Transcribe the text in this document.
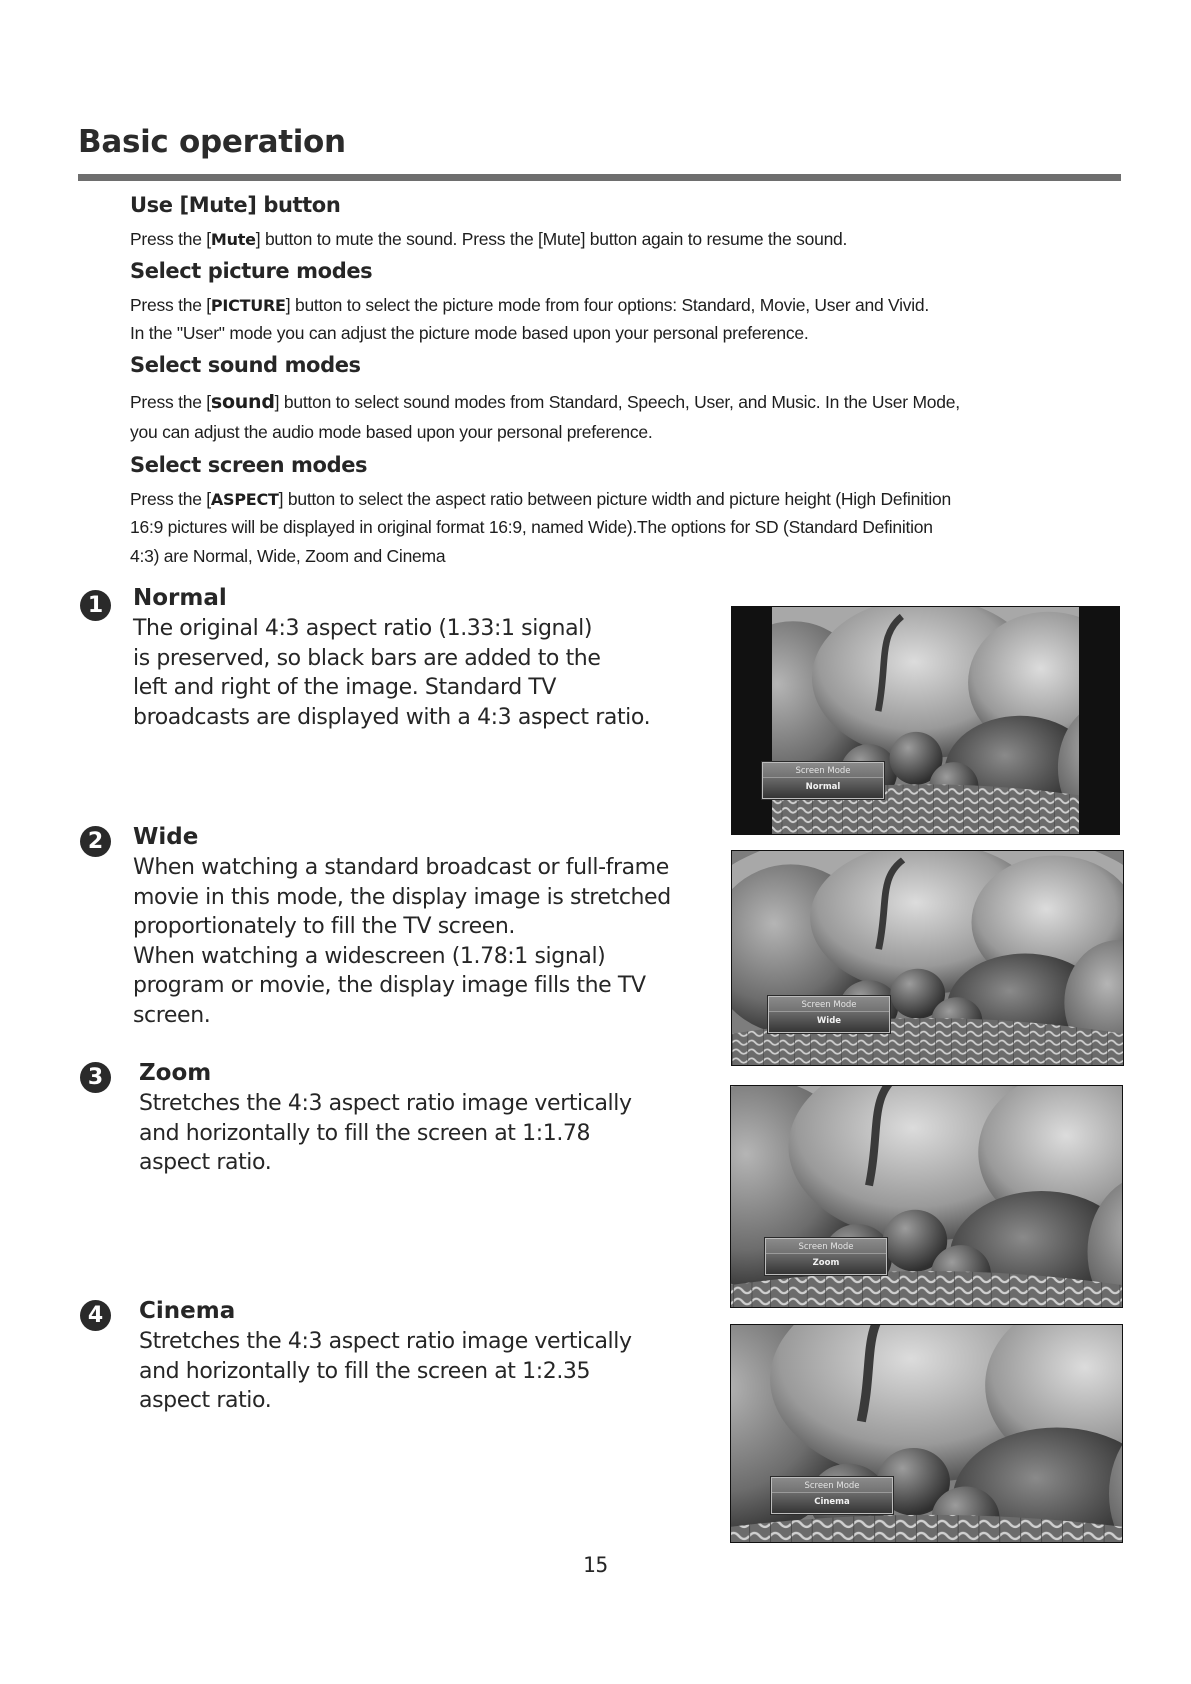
Basic operation
Use [Mute] button

Press the [Mute] button to mute the sound. Press the [Mute] button again to resume the sound.

Select picture modes

Press the [PICTURE] button to select the picture mode from four options: Standard, Movie, User and Vivid.

In the "User" mode you can adjust the picture mode based upon your personal preference.

Select sound modes

Press the [sound] button to select sound modes from Standard, Speech, User, and Music. In the User Mode,

you can adjust the audio mode based upon your personal preference.

Select screen modes

Press the [ASPECT] button to select the aspect ratio between picture width and picture height (High Definition

16:9 pictures will be displayed in original format 16:9, named Wide).The options for SD (Standard Definition

4:3) are Normal, Wide, Zoom and Cinema

1	Normal

The original 4:3 aspect ratio (1.33:1 signal)
is preserved, so black bars are added to the
left and right of the image. Standard TV
broadcasts are displayed with a 4:3 aspect ratio.

Screen Mode
Normal
2	Wide

When watching a standard broadcast or full-frame
movie in this mode, the display image is stretched
proportionately to fill the TV screen.
When watching a widescreen (1.78:1 signal)
program or movie, the display image fills the TV
screen.	Screen Mode
Wide
3	Zoom

Stretches the 4:3 aspect ratio image vertically
and horizontally to fill the screen at 1:1.78
aspect ratio.

Screen Mode
Zoom
4	Cinema

Stretches the 4:3 aspect ratio image vertically
and horizontally to fill the screen at 1:2.35
aspect ratio.

Screen Mode
Cinema
15
